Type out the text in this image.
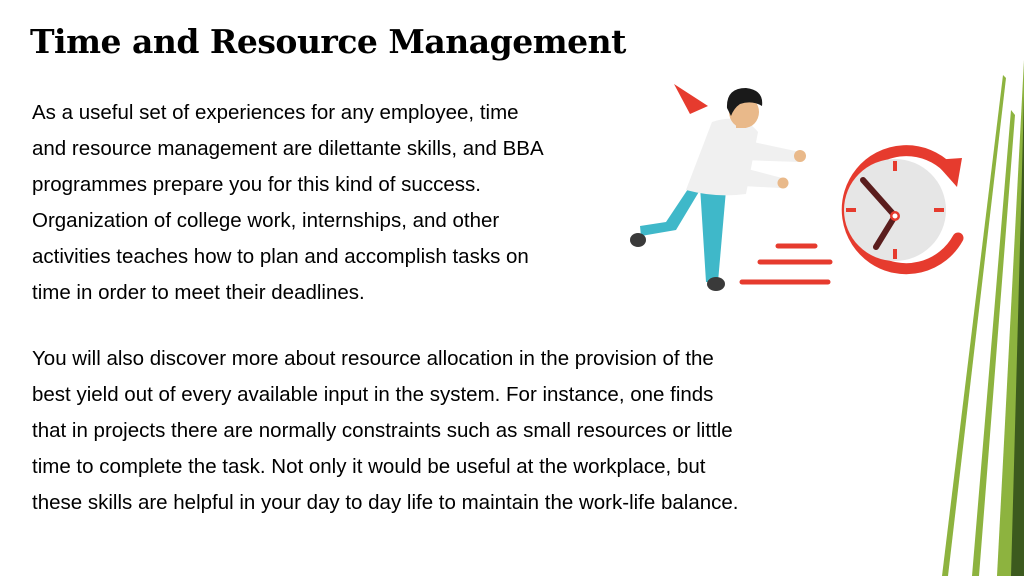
Time and Resource Management
As a useful set of experiences for any employee, time
and resource management are dilettante skills, and BBA
programmes prepare you for this kind of success.
Organization of college work, internships, and other
activities teaches how to plan and accomplish tasks on
time in order to meet their deadlines.
You will also discover more about resource allocation in the provision of the
best yield out of every available input in the system. For instance, one finds
that in projects there are normally constraints such as small resources or little
time to complete the task. Not only it would be useful at the workplace, but
these skills are helpful in your day to day life to maintain the work-life balance.
